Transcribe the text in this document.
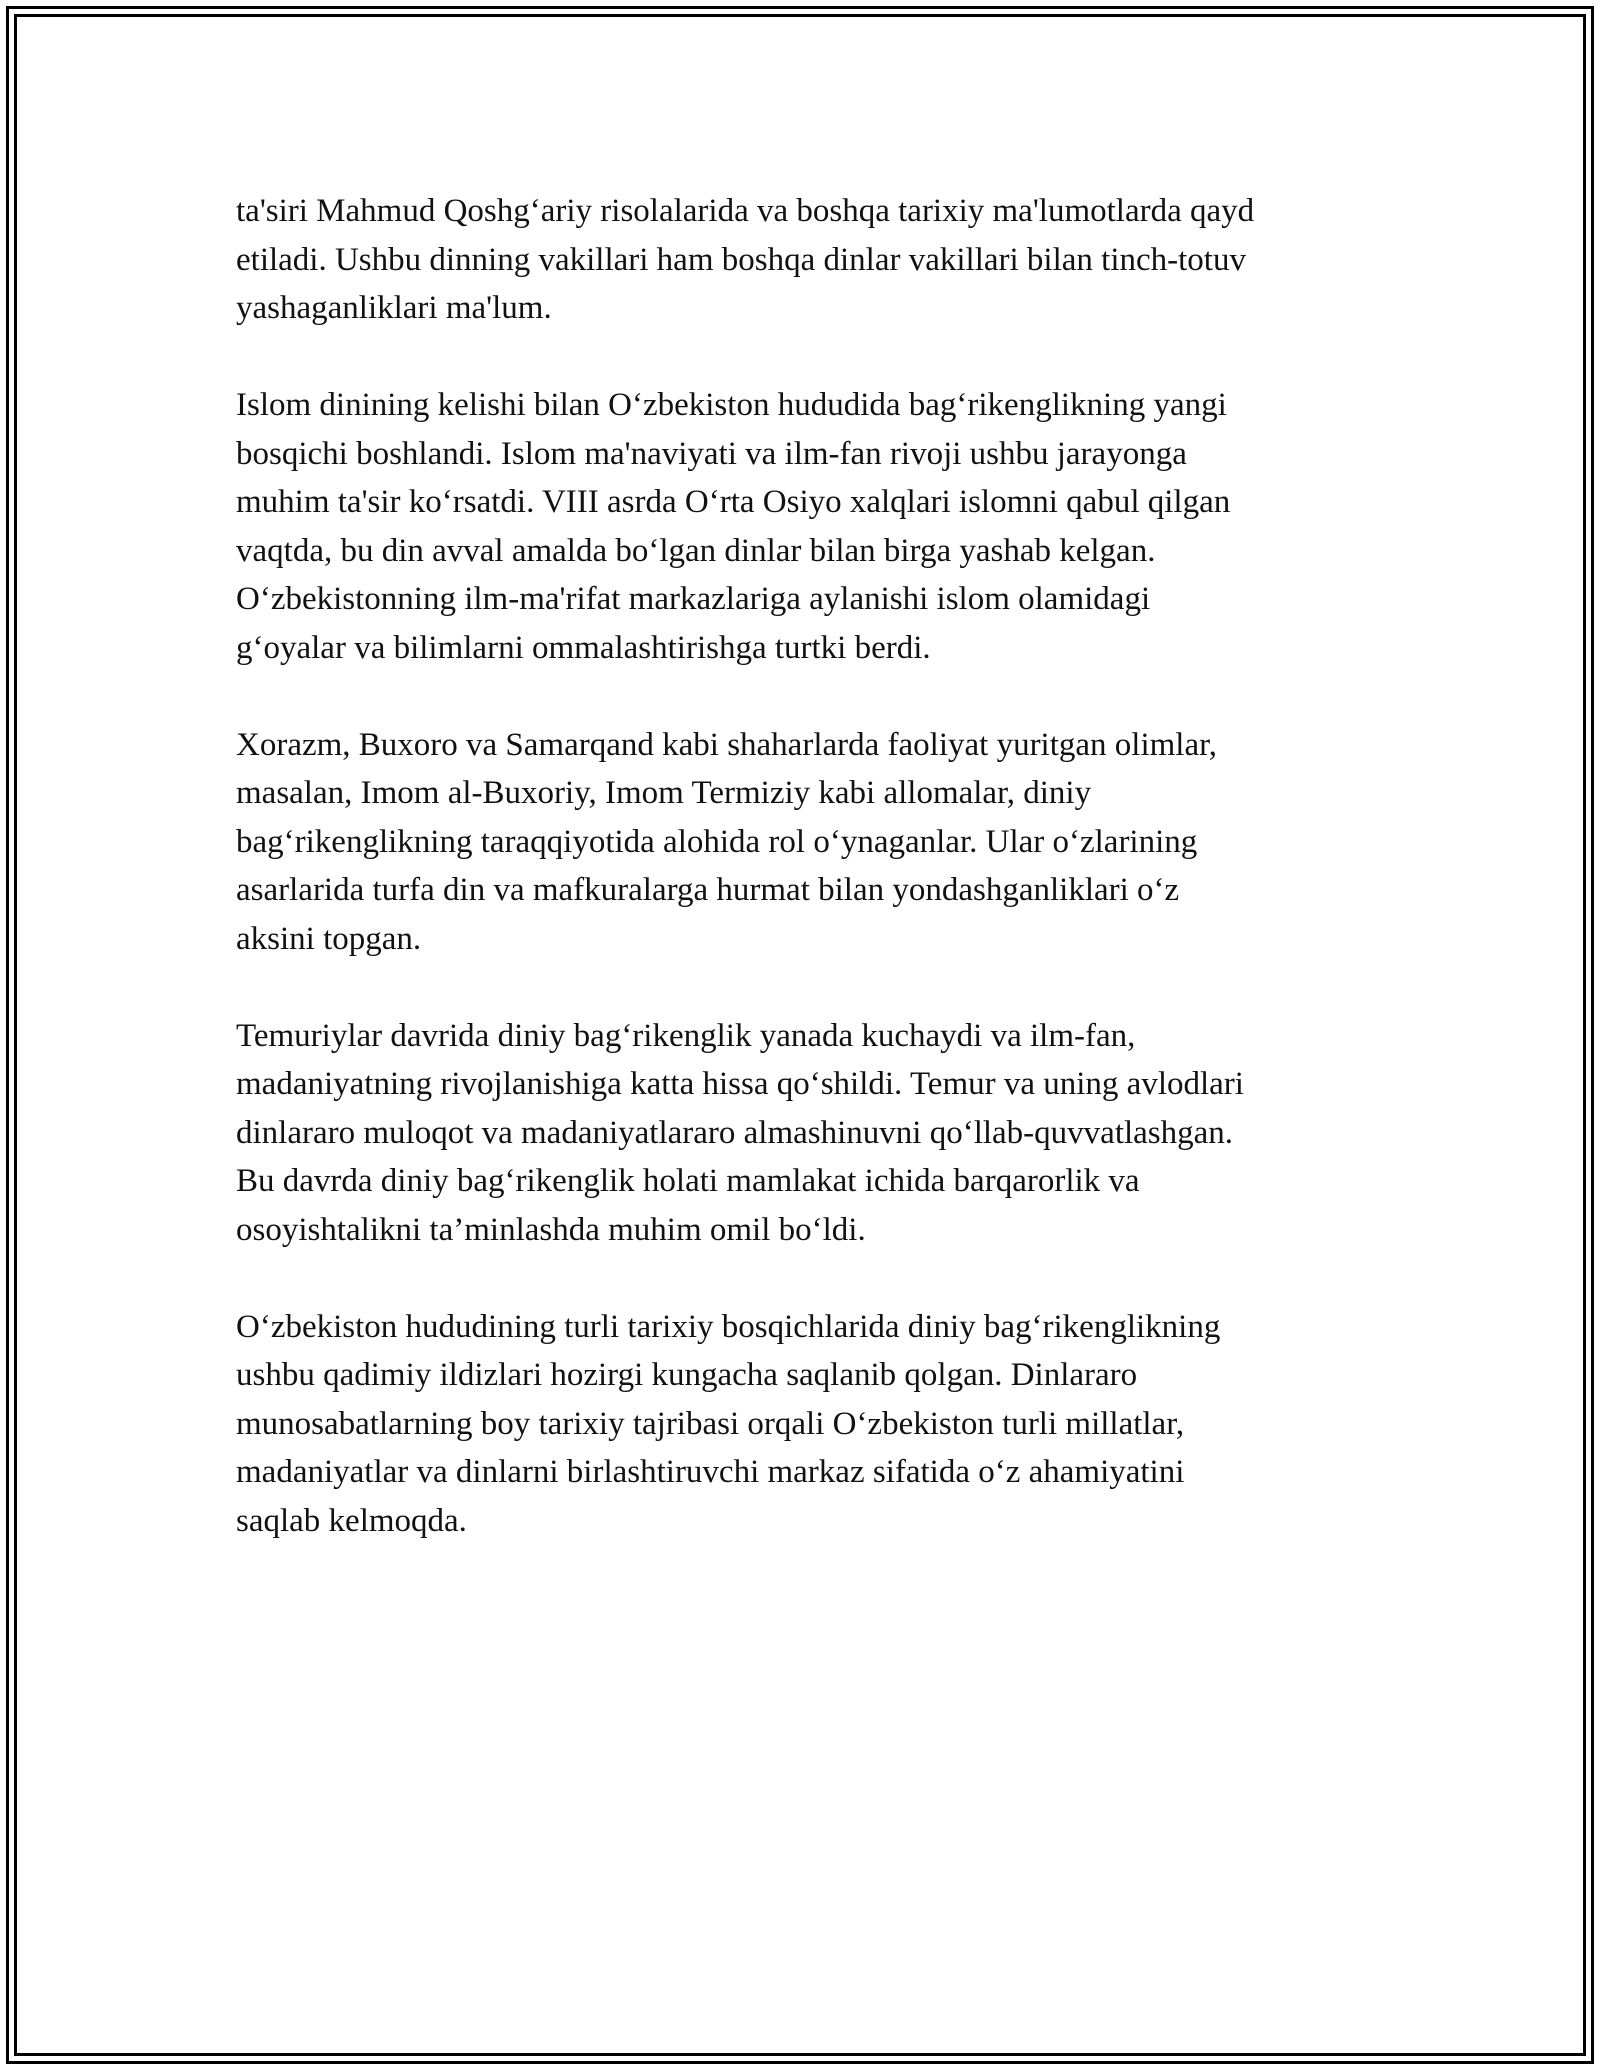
ta'siri Mahmud Qoshg‘ariy risolalarida va boshqa tarixiy ma'lumotlarda qayd
etiladi. Ushbu dinning vakillari ham boshqa dinlar vakillari bilan tinch-totuv
yashaganliklari ma'lum.

Islom dinining kelishi bilan O‘zbekiston hududida bag‘rikenglikning yangi
bosqichi boshlandi. Islom ma'naviyati va ilm-fan rivoji ushbu jarayonga
muhim ta'sir ko‘rsatdi. VIII asrda O‘rta Osiyo xalqlari islomni qabul qilgan
vaqtda, bu din avval amalda bo‘lgan dinlar bilan birga yashab kelgan.
O‘zbekistonning ilm-ma'rifat markazlariga aylanishi islom olamidagi
g‘oyalar va bilimlarni ommalashtirishga turtki berdi.

Xorazm, Buxoro va Samarqand kabi shaharlarda faoliyat yuritgan olimlar,
masalan, Imom al-Buxoriy, Imom Termiziy kabi allomalar, diniy
bag‘rikenglikning taraqqiyotida alohida rol o‘ynaganlar. Ular o‘zlarining
asarlarida turfa din va mafkuralarga hurmat bilan yondashganliklari o‘z
aksini topgan.

Temuriylar davrida diniy bag‘rikenglik yanada kuchaydi va ilm-fan,
madaniyatning rivojlanishiga katta hissa qo‘shildi. Temur va uning avlodlari
dinlararo muloqot va madaniyatlararo almashinuvni qo‘llab-quvvatlashgan.
Bu davrda diniy bag‘rikenglik holati mamlakat ichida barqarorlik va
osoyishtalikni ta’minlashda muhim omil bo‘ldi.

O‘zbekiston hududining turli tarixiy bosqichlarida diniy bag‘rikenglikning
ushbu qadimiy ildizlari hozirgi kungacha saqlanib qolgan. Dinlararo
munosabatlarning boy tarixiy tajribasi orqali O‘zbekiston turli millatlar,
madaniyatlar va dinlarni birlashtiruvchi markaz sifatida o‘z ahamiyatini
saqlab kelmoqda.
